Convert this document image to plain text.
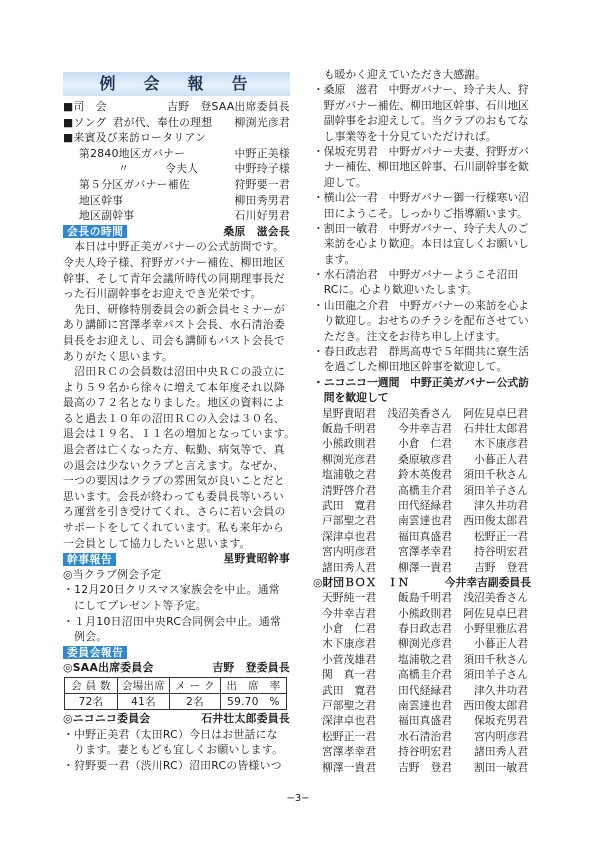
例　会　報　告
■司　会	吉野　登SAA出席委員長
■ソング 君が代、奉仕の理想 柳渕光彦君
■来賓及び来訪ロータリアン
第2840地区ガバナー	中野正美様
〃	令夫人	中野玲子様
第５分区ガバナー補佐	狩野要一君
地区幹事	柳田秀男君
地区副幹事	石川好男君
会長の時間	桑原　滋会長
　本日は中野正美ガバナーの公式訪問です。
令夫人玲子様、狩野ガバナー補佐、柳田地区
幹事、そして青年会議所時代の同期理事長だ
った石川副幹事をお迎えでき光栄です。
　先日、研修特別委員会の新会員セミナーが
あり講師に宮澤孝幸パスト会長、水石清治委
員長をお迎えし、司会も講師もパスト会長で
ありがたく思います。
　沼田ＲＣの会員数は沼田中央ＲＣの設立に
より５９名から徐々に増えて本年度それ以降
最高の７２名となりました。地区の資料によ
ると過去１０年の沼田ＲＣの入会は３０名、
退会は１９名、１１名の増加となっています。
退会者は亡くなった方、転勤、病気等で、真
の退会は少ないクラブと言えます。なぜか、
一つの要因はクラブの雰囲気が良いことだと
思います。会長が終わっても委員長等いろい
ろ運営を引き受けてくれ、さらに若い会員の
サポートをしてくれています。私も来年から
一会員として協力したいと思います。
幹事報告	星野貴昭幹事
◎当クラブ例会予定
・12月20日クリスマス家族会を中止。通常
　にしてプレゼント等予定。
・１月10日沼田中央RC合同例会中止。通常
　例会。
委員会報告
◎SAA出席委員会	吉野　登委員長
会 員 数	会場出席	メ ー ク	出　席　率
72名	41名	2名	59.70　%
◎ニコニコ委員会	石井壮太郎委員長
・中野正美君（太田RC）今日はお世話にな
　ります。妻ともども宜しくお願いします。
・狩野要一君（渋川RC）沼田RCの皆様いつ
　も暖かく迎えていただき大感謝。
・桑原　滋君　中野ガバナー、玲子夫人、狩
　野ガバナー補佐、柳田地区幹事、石川地区
　副幹事をお迎えして。当クラブのおもてな
　し事業等を十分見ていただければ。
・保坂充男君　中野ガバナー夫妻、狩野ガバ
　ナー補佐、柳田地区幹事、石川副幹事を歓
　迎して。
・横山公一君　中野ガバナー御一行様寒い沼
　田にようこそ。しっかりご指導願います。
・割田一敏君　中野ガバナー、玲子夫人のご
　来訪を心より歓迎。本日は宜しくお願いし
　ます。
・水石清治君　中野ガバナーようこそ沼田
　RCに。心より歓迎いたします。
・山田龍之介君　中野ガバナーの来訪を心よ
　り歓迎し。おせちのチラシを配布させてい
　ただき。注文をお待ち申し上げます。
・春日政志君　群馬高専で５年間共に寮生活
　を過ごした柳田地区幹事を歓迎して。
・ニコニコ一週間　中野正美ガバナー公式訪
　問を歓迎して
星野貴昭君	浅沼美香さん	阿佐見卓巳君
飯島千明君	今井幸吉君	石井壮太郎君
小熊政則君	小倉　仁君	木下康彦君
柳渕光彦君	桑原敏彦君	小暮正人君
塩浦敬之君	鈴木英俊君	須田千秋さん
清野啓介君	高橋圭介君	須田羊子さん
武田　寛君	田代経緑君	津久井功君
戸部聖之君	南雲達也君	西田俊太郎君
深津卓也君	福田真盛君	松野正一君
宮内明彦君	宮澤孝幸君	持谷明宏君
諸田秀人君	柳澤一貴君	吉野　登君
◎財団ＢＯＸ　ＩＮ	今井幸吉副委員長
天野純一君	飯島千明君	浅沼美香さん
今井幸吉君	小熊政則君	阿佐見卓巳君
小倉　仁君	春日政志君	小野里雅広君
木下康彦君	柳渕光彦君	小暮正人君
小菅茂雄君	塩浦敬之君	須田千秋さん
関　真一君	高橋圭介君	須田羊子さん
武田　寛君	田代経緑君	津久井功君
戸部聖之君	南雲達也君	西田俊太郎君
深津卓也君	福田真盛君	保坂充男君
松野正一君	水石清治君	宮内明彦君
宮澤孝幸君	持谷明宏君	諸田秀人君
柳澤一貴君	吉野　登君	割田一敏君
−3−
